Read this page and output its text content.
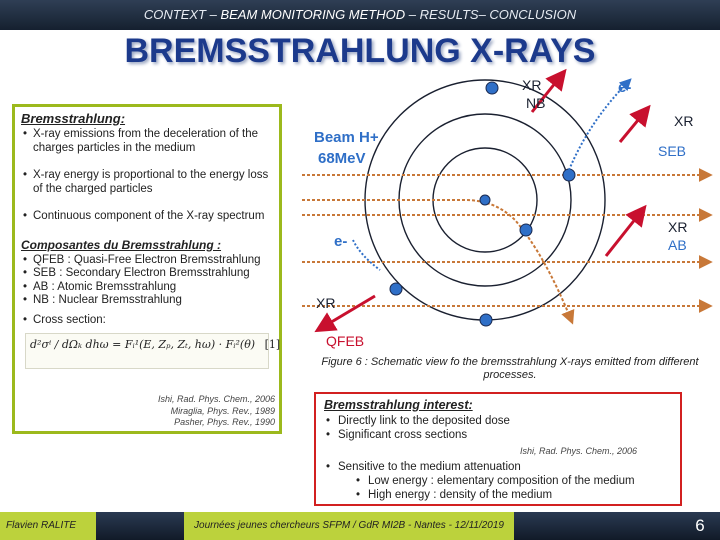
CONTEXT – BEAM MONITORING METHOD – RESULTS– CONCLUSION
BREMSSTRAHLUNG X-RAYS
Bremsstrahlung:
• X-ray emissions from the deceleration of the charges particles in the medium
• X-ray energy is proportional to the energy loss of the charged particles
• Continuous component of the X-ray spectrum
Composantes du Bremsstrahlung :
• QFEB : Quasi-Free Electron Bremsstrahlung
• SEB : Secondary Electron Bremsstrahlung
• AB : Atomic Bremsstrahlung
• NB : Nuclear Bremsstrahlung
• Cross section:
d²σⁱ / dΩₖ dhω = Fᵢ¹(E, Zₚ, Zₜ, hω) · Fᵢ²(θ) [1]
Ishi, Rad. Phys. Chem., 2006
Miraglia, Phys. Rev., 1989
Pasher, Phys. Rev., 1990
XR
NB
e-
Beam H+
68MeV
XR
SEB
e-
XR
AB
XR
QFEB
Figure 6 : Schematic view fo the bremsstrahlung X-rays emitted from different processes.
Bremsstrahlung interest:
• Directly link to the deposited dose
• Significant cross sections
• Sensitive to the medium attenuation
• Low energy : elementary composition of the medium
• High energy : density of the medium
Ishi, Rad. Phys. Chem., 2006
Flavien RALITE	Journées jeunes chercheurs SFPM / GdR MI2B - Nantes - 12/11/2019	6
